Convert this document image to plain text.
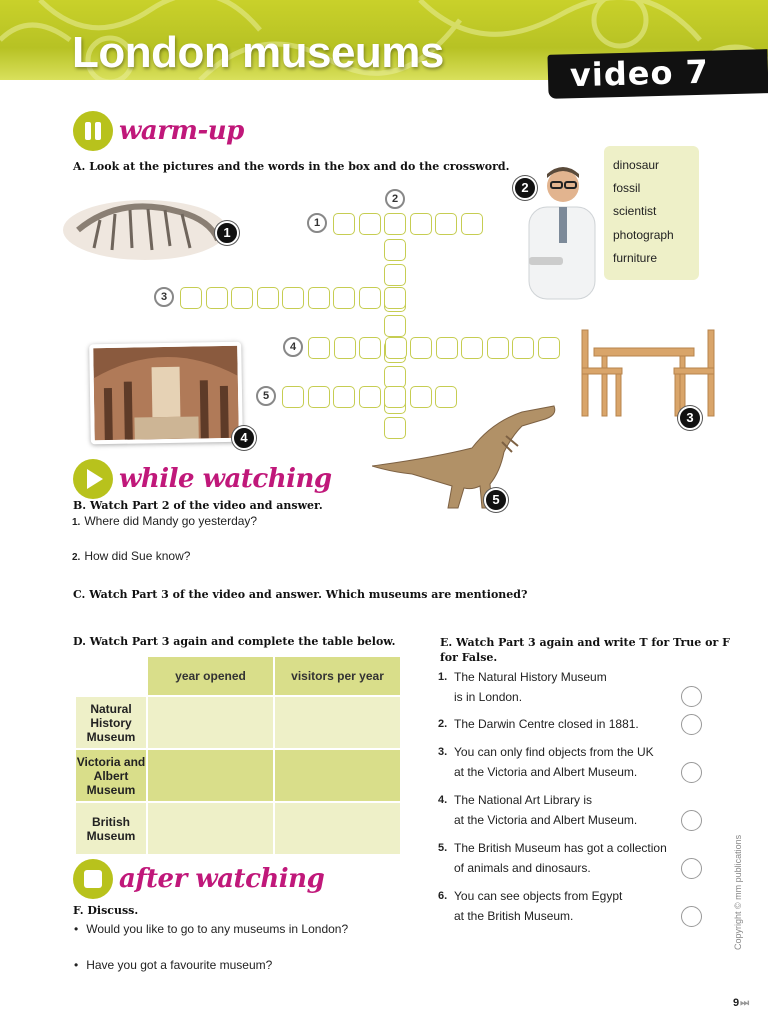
London museums	video 7
warm-up
A. Look at the pictures and the words in the box and do the crossword.
1
2
dinosaur
fossil
scientist
photograph
furniture
4
3
5
1
2
3
4
5
while watching
B. Watch Part 2 of the video and answer.
1. Where did Mandy go yesterday?
2. How did Sue know?
C. Watch Part 3 of the video and answer. Which museums are mentioned?
D. Watch Part 3 again and complete the table below.
	year opened	visitors per year
Natural History Museum		
Victoria and Albert Museum		
British Museum		
E. Watch Part 3 again and write T for True or F for False.
1. The Natural History Museum
is in London.
2. The Darwin Centre closed in 1881.
3. You can only find objects from the UK
at the Victoria and Albert Museum.
4. The National Art Library is
at the Victoria and Albert Museum.
5. The British Museum has got a collection
of animals and dinosaurs.
6. You can see objects from Egypt
at the British Museum.
after watching
F. Discuss.
• Would you like to go to any museums in London?
• Have you got a favourite museum?
Copyright © mm publications
9⏭
